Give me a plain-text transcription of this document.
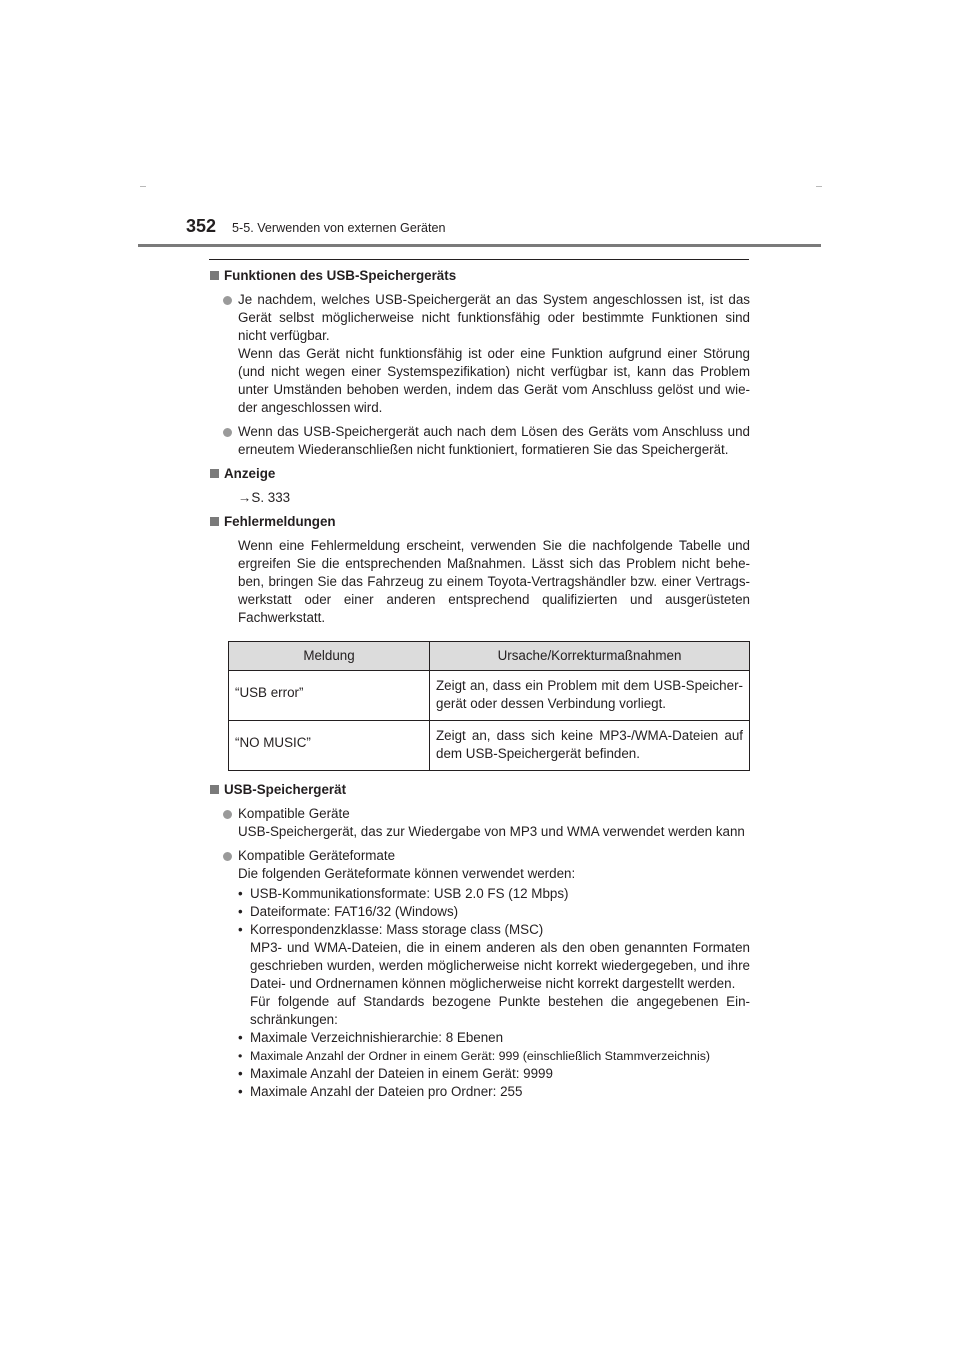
352 5-5. Verwenden von externen Geräten
Funktionen des USB-Speichergeräts
Je nachdem, welches USB-Speichergerät an das System angeschlossen ist, ist das Gerät selbst möglicherweise nicht funktionsfähig oder bestimmte Funktionen sind nicht verfügbar.
Wenn das Gerät nicht funktionsfähig ist oder eine Funktion aufgrund einer Störung (und nicht wegen einer Systemspezifikation) nicht verfügbar ist, kann das Problem unter Umständen behoben werden, indem das Gerät vom Anschluss gelöst und wie-der angeschlossen wird.
Wenn das USB-Speichergerät auch nach dem Lösen des Geräts vom Anschluss und erneutem Wiederanschließen nicht funktioniert, formatieren Sie das Speichergerät.
Anzeige
→S. 333
Fehlermeldungen
Wenn eine Fehlermeldung erscheint, verwenden Sie die nachfolgende Tabelle und ergreifen Sie die entsprechenden Maßnahmen. Lässt sich das Problem nicht behe-ben, bringen Sie das Fahrzeug zu einem Toyota-Vertragshändler bzw. einer Vertrags-werkstatt oder einer anderen entsprechend qualifizierten und ausgerüsteten Fachwerkstatt.
Meldung	Ursache/Korrekturmaßnahmen
“USB error”	Zeigt an, dass ein Problem mit dem USB-Speicher-gerät oder dessen Verbindung vorliegt.
“NO MUSIC”	Zeigt an, dass sich keine MP3-/WMA-Dateien auf dem USB-Speichergerät befinden.
USB-Speichergerät
Kompatible Geräte
USB-Speichergerät, das zur Wiedergabe von MP3 und WMA verwendet werden kann
Kompatible Geräteformate
Die folgenden Geräteformate können verwendet werden:
• USB-Kommunikationsformate: USB 2.0 FS (12 Mbps)
• Dateiformate: FAT16/32 (Windows)
• Korrespondenzklasse: Mass storage class (MSC)
MP3- und WMA-Dateien, die in einem anderen als den oben genannten Formaten geschrieben wurden, werden möglicherweise nicht korrekt wiedergegeben, und ihre Datei- und Ordnernamen können möglicherweise nicht korrekt dargestellt werden.
Für folgende auf Standards bezogene Punkte bestehen die angegebenen Ein-schränkungen:
• Maximale Verzeichnishierarchie: 8 Ebenen
• Maximale Anzahl der Ordner in einem Gerät: 999 (einschließlich Stammverzeichnis)
• Maximale Anzahl der Dateien in einem Gerät: 9999
• Maximale Anzahl der Dateien pro Ordner: 255
